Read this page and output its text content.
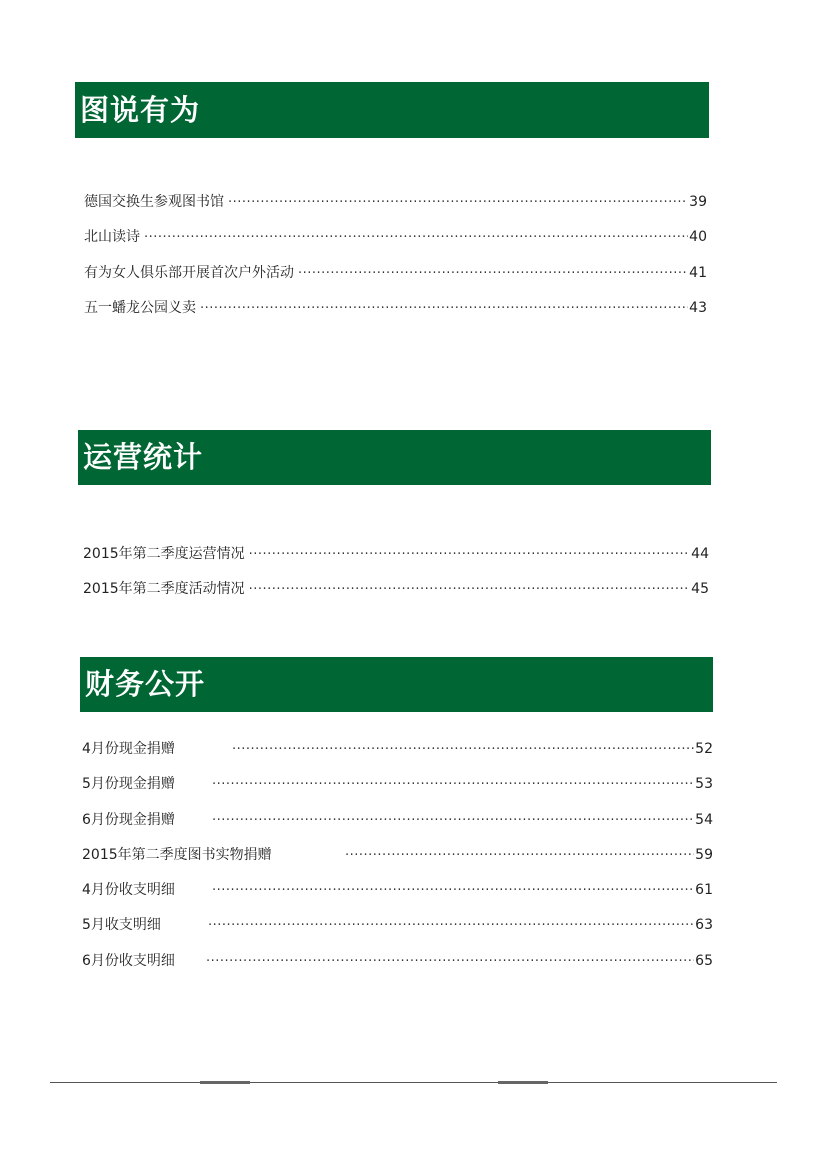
图说有为
德国交换生参观图书馆 ·····	39
北山读诗 ·····	40
有为女人俱乐部开展首次户外活动 ·····	41
五一蟠龙公园义卖 ·····	43
运营统计
2015年第二季度运营情况 ·····	44
2015年第二季度活动情况 ·····	45
财务公开
4月份现金捐赠 ·····	52
5月份现金捐赠 ·····	53
6月份现金捐赠 ·····	54
2015年第二季度图书实物捐赠 ·····	59
4月份收支明细 ·····	61
5月收支明细 ·····	63
6月份收支明细 ·····	65
